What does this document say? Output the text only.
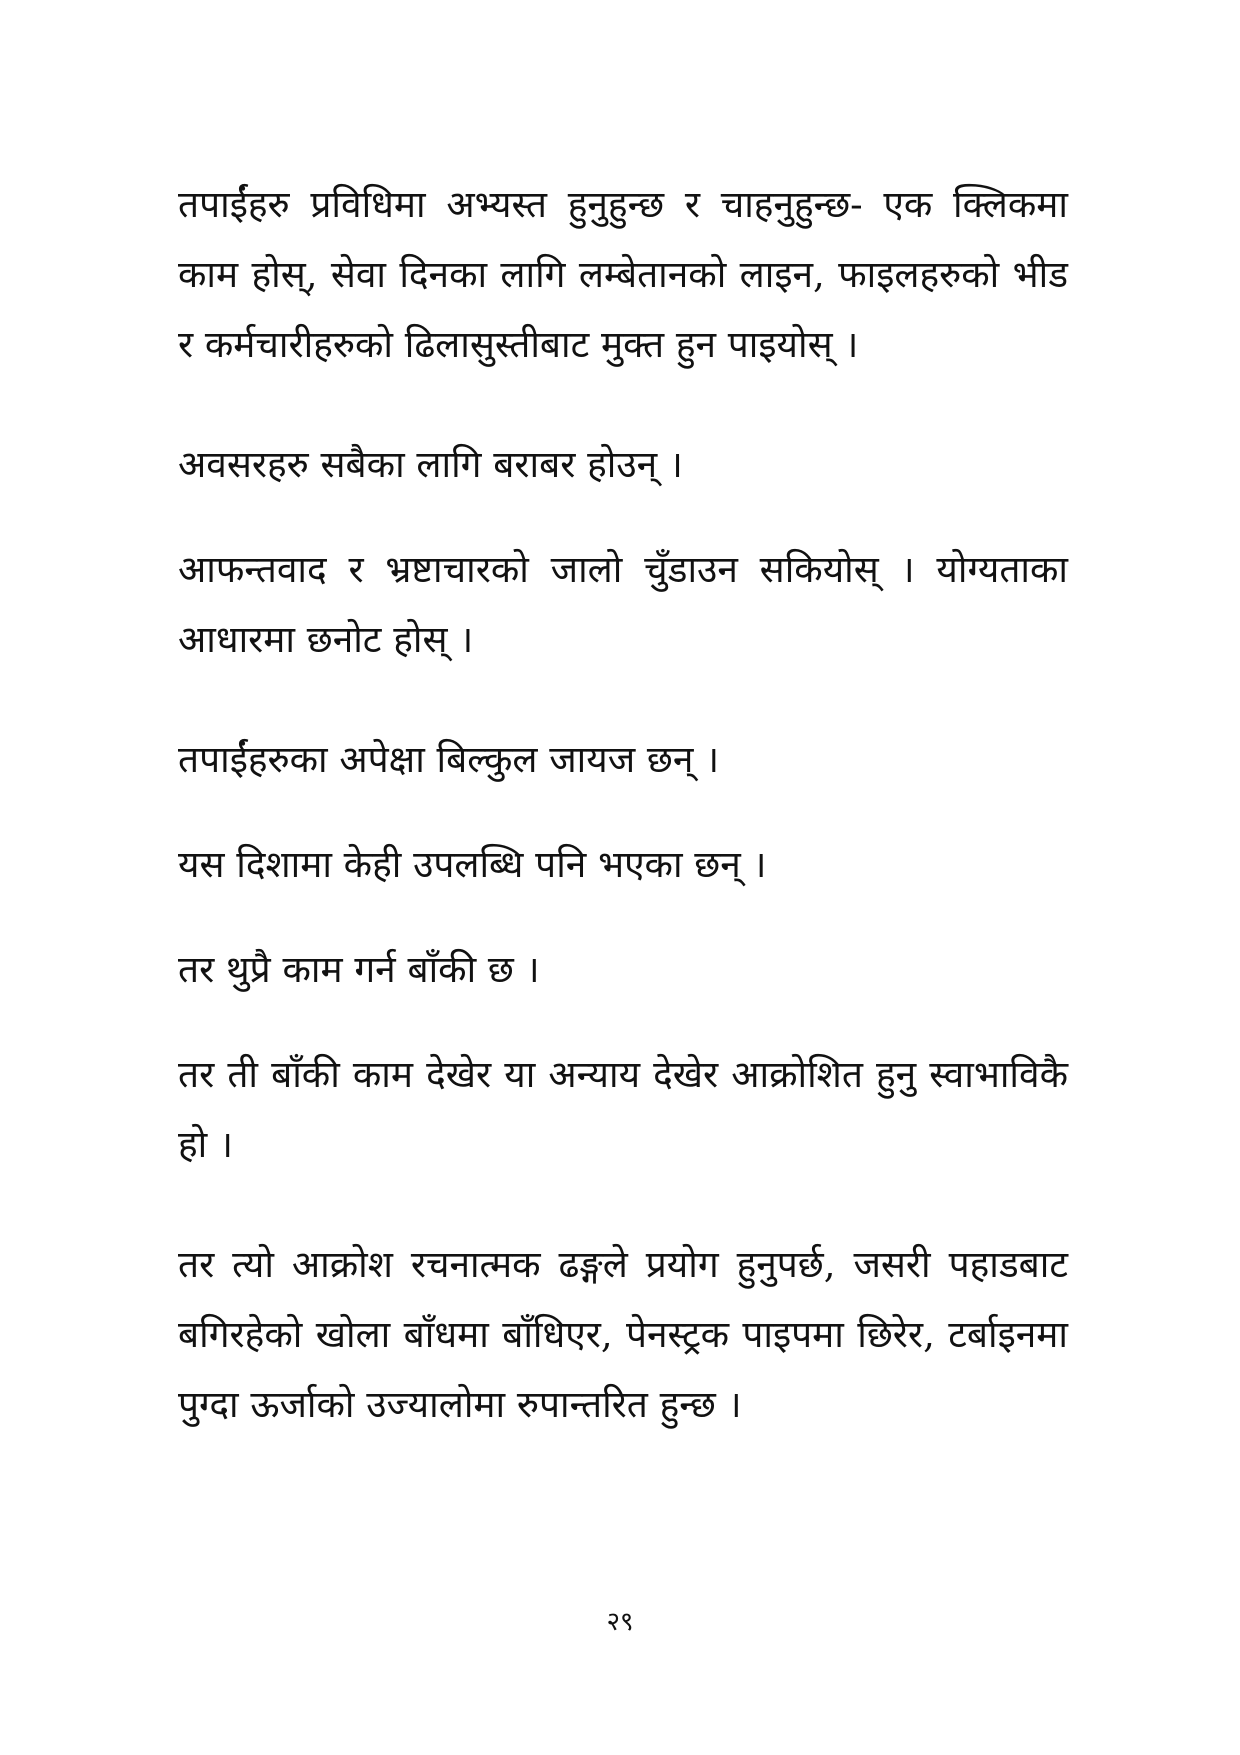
तपाईंहरु प्रविधिमा अभ्यस्त हुनुहुन्छ र चाहनुहुन्छ- एक क्लिकमा काम होस्, सेवा दिनका लागि लम्बेतानको लाइन, फाइलहरुको भीड र कर्मचारीहरुको ढिलासुस्तीबाट मुक्त हुन पाइयोस् ।

अवसरहरु सबैका लागि बराबर होउन् ।

आफन्तवाद र भ्रष्टाचारको जालो चुँडाउन सकियोस् । योग्यताका आधारमा छनोट होस् ।

तपाईंहरुका अपेक्षा बिल्कुल जायज छन् ।

यस दिशामा केही उपलब्धि पनि भएका छन् ।

तर थुप्रै काम गर्न बाँकी छ ।

तर ती बाँकी काम देखेर या अन्याय देखेर आक्रोशित हुनु स्वाभाविकै हो ।

तर त्यो आक्रोश रचनात्मक ढङ्गले प्रयोग हुनुपर्छ, जसरी पहाडबाट बगिरहेको खोला बाँधमा बाँधिएर, पेनस्ट्रक पाइपमा छिरेर, टर्बाइनमा पुग्दा ऊर्जाको उज्यालोमा रुपान्तरित हुन्छ ।

२९
